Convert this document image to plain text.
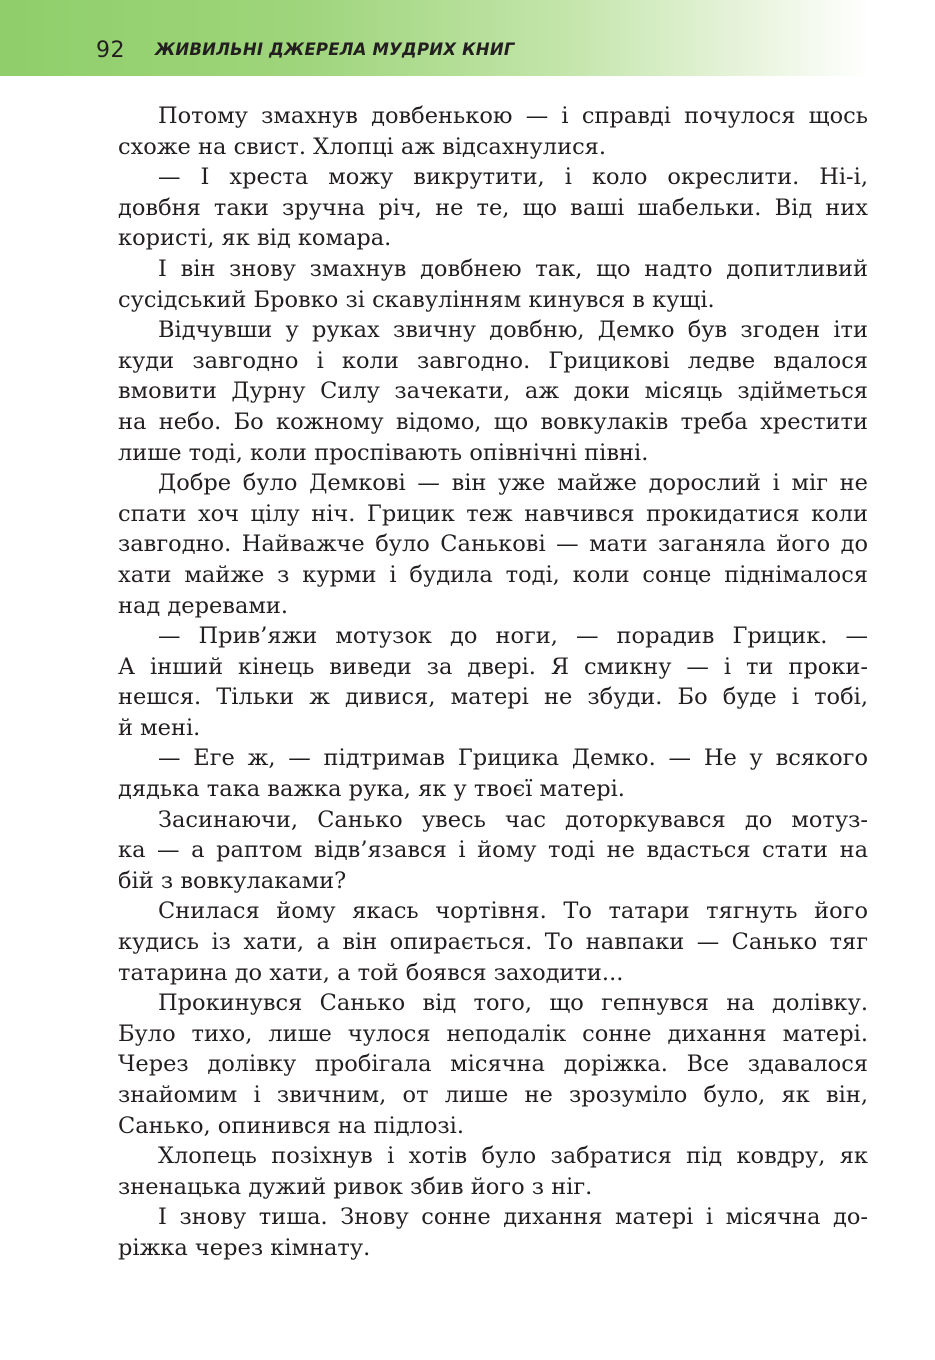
92 ЖИВИЛЬНІ ДЖЕРЕЛА МУДРИХ КНИГ

Потому змахнув довбенькою — і справді почулося щось
схоже на свист. Хлопці аж відсахнулися.

— І хреста можу викрутити, і коло окреслити. Ні-і,
довбня таки зручна річ, не те, що ваші шабельки. Від них
користі, як від комара.

І він знову змахнув довбнею так, що надто допитливий
сусідський Бровко зі скавулінням кинувся в кущі.

Відчувши у руках звичну довбню, Демко був згоден іти
куди завгодно і коли завгодно. Грицикові ледве вдалося
вмовити Дурну Силу зачекати, аж доки місяць здійметься
на небо. Бо кожному відомо, що вовкулаків треба хрестити
лише тоді, коли проспівають опівнічні півні.

Добре було Демкові — він уже майже дорослий і міг не
спати хоч цілу ніч. Грицик теж навчився прокидатися коли
завгодно. Найважче було Санькові — мати заганяла його до
хати майже з курми і будила тоді, коли сонце піднімалося
над деревами.

— Прив’яжи мотузок до ноги, — порадив Грицик. —
А інший кінець виведи за двері. Я смикну — і ти проки-
нешся. Тільки ж дивися, матері не збуди. Бо буде і тобі,
й мені.

— Еге ж, — підтримав Грицика Демко. — Не у всякого
дядька така важка рука, як у твоєї матері.

Засинаючи, Санько увесь час доторкувався до мотуз-
ка — а раптом відв’язався і йому тоді не вдасться стати на
бій з вовкулаками?

Снилася йому якась чортівня. То татари тягнуть його
кудись із хати, а він опирається. То навпаки — Санько тяг
татарина до хати, а той боявся заходити...

Прокинувся Санько від того, що гепнувся на долівку.
Було тихо, лише чулося неподалік сонне дихання матері.
Через долівку пробігала місячна доріжка. Все здавалося
знайомим і звичним, от лише не зрозуміло було, як він,
Санько, опинився на підлозі.

Хлопець позіхнув і хотів було забратися під ковдру, як
зненацька дужий ривок збив його з ніг.

І знову тиша. Знову сонне дихання матері і місячна до-
ріжка через кімнату.
